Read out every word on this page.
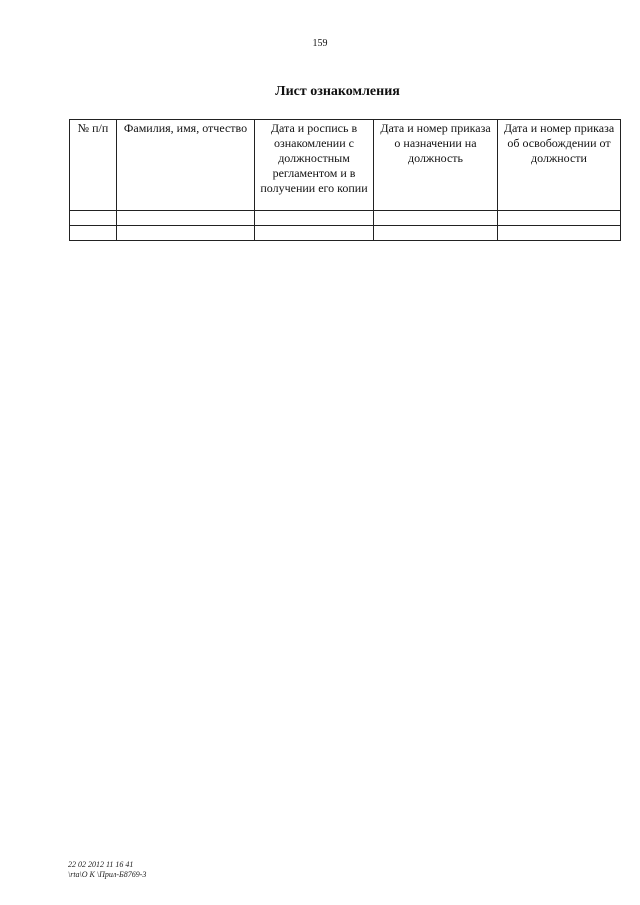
159
Лист ознакомления
№ п/п	Фамилия, имя, отчество	Дата и роспись в ознакомлении с должностным регламентом и в получении его копии	Дата и номер приказа о назначении на должность	Дата и номер приказа об освобождении от должности

22 02 2012 11 16 41
\rta\O К \Прил-Б8769-3
